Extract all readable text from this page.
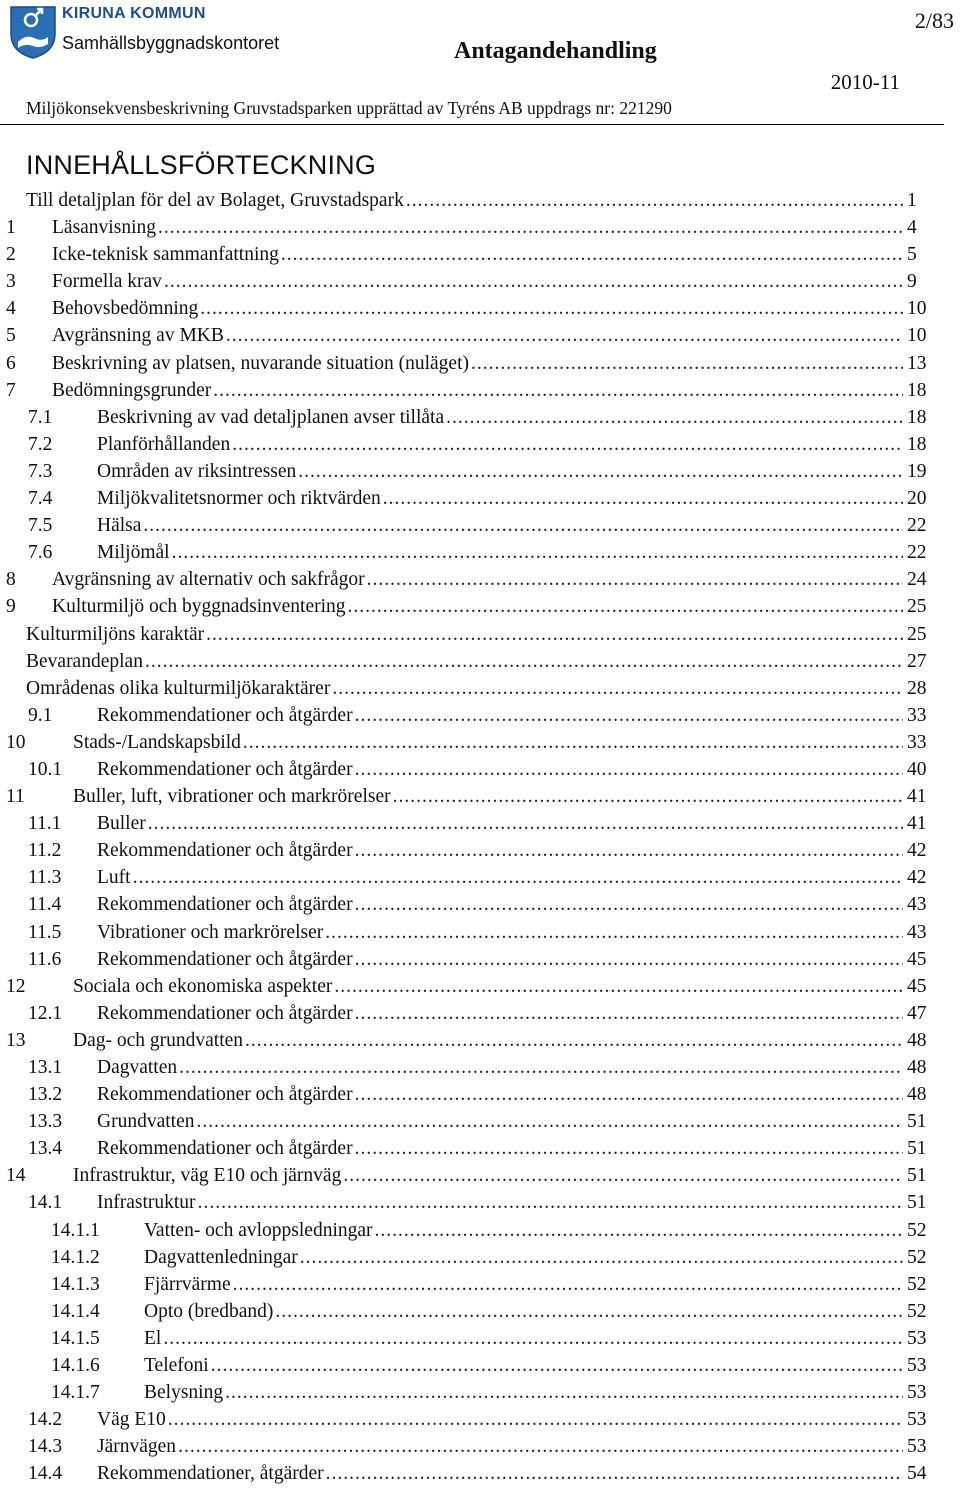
KIRUNA KOMMUN
Samhällsbyggnadskontoret	Antagandehandling
2/83
2010-11
Miljökonsekvensbeskrivning Gruvstadsparken upprättad av Tyréns AB uppdrags nr: 221290
INNEHÅLLSFÖRTECKNING
Till detaljplan för del av Bolaget, Gruvstadspark .....	1
1 Läsanvisning .....	4
2 Icke-teknisk sammanfattning .....	5
3 Formella krav .....	9
4 Behovsbedömning .....	10
5 Avgränsning av MKB .....	10
6 Beskrivning av platsen, nuvarande situation (nuläget) .....	13
7 Bedömningsgrunder .....	18
7.1 Beskrivning av vad detaljplanen avser tillåta .....	18
7.2 Planförhållanden .....	18
7.3 Områden av riksintressen .....	19
7.4 Miljökvalitetsnormer och riktvärden .....	20
7.5 Hälsa .....	22
7.6 Miljömål .....	22
8 Avgränsning av alternativ och sakfrågor .....	24
9 Kulturmiljö och byggnadsinventering .....	25
Kulturmiljöns karaktär .....	25
Bevarandeplan .....	27
Områdenas olika kulturmiljökaraktärer .....	28
9.1 Rekommendationer och åtgärder .....	33
10 Stads-/Landskapsbild .....	33
10.1 Rekommendationer och åtgärder .....	40
11 Buller, luft, vibrationer och markrörelser .....	41
11.1 Buller .....	41
11.2 Rekommendationer och åtgärder .....	42
11.3 Luft .....	42
11.4 Rekommendationer och åtgärder .....	43
11.5 Vibrationer och markrörelser .....	43
11.6 Rekommendationer och åtgärder .....	45
12 Sociala och ekonomiska aspekter .....	45
12.1 Rekommendationer och åtgärder .....	47
13 Dag- och grundvatten .....	48
13.1 Dagvatten .....	48
13.2 Rekommendationer och åtgärder .....	48
13.3 Grundvatten .....	51
13.4 Rekommendationer och åtgärder .....	51
14 Infrastruktur, väg E10 och järnväg .....	51
14.1 Infrastruktur .....	51
14.1.1 Vatten- och avloppsledningar .....	52
14.1.2 Dagvattenledningar .....	52
14.1.3 Fjärrvärme .....	52
14.1.4 Opto (bredband) .....	52
14.1.5 El .....	53
14.1.6 Telefoni .....	53
14.1.7 Belysning .....	53
14.2 Väg E10 .....	53
14.3 Järnvägen .....	53
14.4 Rekommendationer, åtgärder .....	54
